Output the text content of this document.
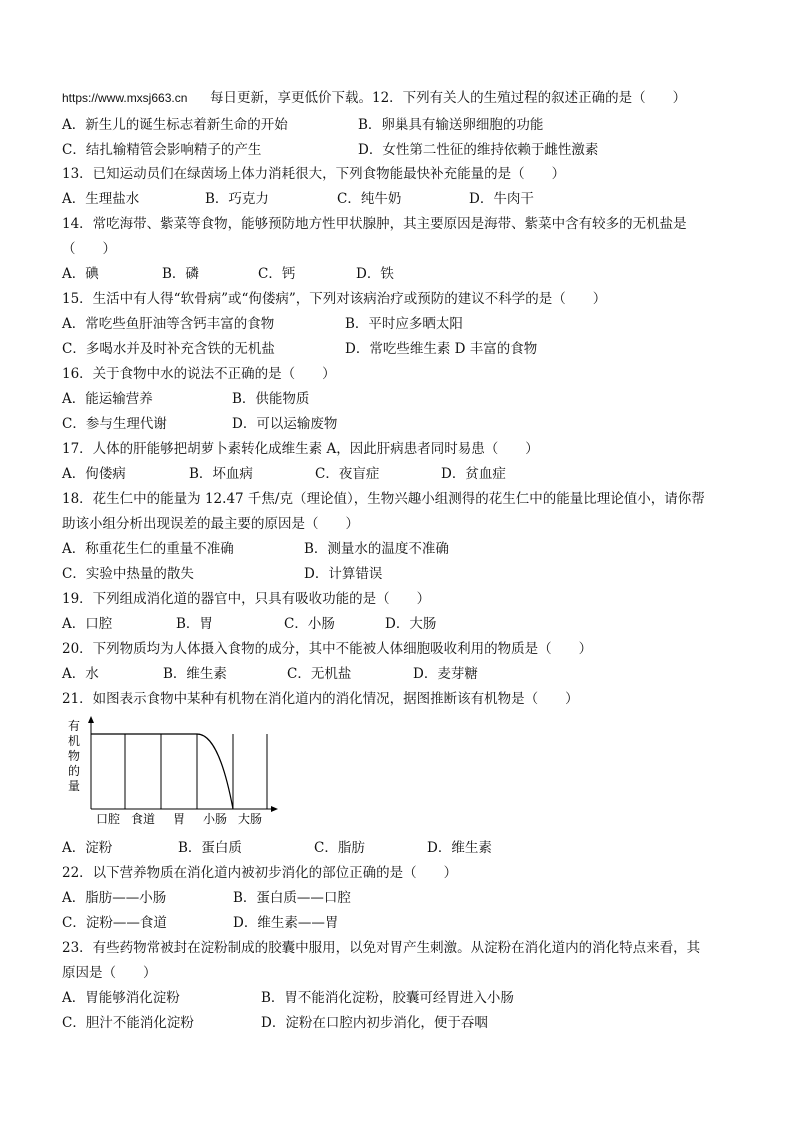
https://www.mxsj663.cn 每日更新，享更低价下载。12．下列有关人的生殖过程的叙述正确的是（　　）
A．新生儿的诞生标志着新生命的开始	B．卵巢具有输送卵细胞的功能
C．结扎输精管会影响精子的产生	D．女性第二性征的维持依赖于雌性激素
13．已知运动员们在绿茵场上体力消耗很大，下列食物能最快补充能量的是（　　）
A．生理盐水	B．巧克力	C．纯牛奶	D．牛肉干
14．常吃海带、紫菜等食物，能够预防地方性甲状腺肿，其主要原因是海带、紫菜中含有较多的无机盐是
（　　）
A．碘	B．磷	C．钙	D．铁
15．生活中有人得“软骨病”或“佝偻病”，下列对该病治疗或预防的建议不科学的是（　　）
A．常吃些鱼肝油等含钙丰富的食物	B．平时应多晒太阳
C．多喝水并及时补充含铁的无机盐	D．常吃些维生素 D 丰富的食物
16．关于食物中水的说法不正确的是（　　）
A．能运输营养	B．供能物质
C．参与生理代谢	D．可以运输废物
17．人体的肝能够把胡萝卜素转化成维生素 A，因此肝病患者同时易患（　　）
A．佝偻病	B．坏血病	C．夜盲症	D．贫血症
18．花生仁中的能量为 12.47 千焦/克（理论值），生物兴趣小组测得的花生仁中的能量比理论值小，请你帮
助该小组分析出现误差的最主要的原因是（　　）
A．称重花生仁的重量不准确	B．测量水的温度不准确
C．实验中热量的散失	D．计算错误
19．下列组成消化道的器官中，只具有吸收功能的是（　　）
A．口腔	B．胃	C．小肠	D．大肠
20．下列物质均为人体摄入食物的成分，其中不能被人体细胞吸收利用的物质是（　　）
A．水	B．维生素	C．无机盐	D．麦芽糖
21．如图表示食物中某种有机物在消化道内的消化情况，据图推断该有机物是（　　）
有
机
物
的
量
口腔 食道 胃 小肠 大肠
A．淀粉	B．蛋白质	C．脂肪	D．维生素
22．以下营养物质在消化道内被初步消化的部位正确的是（　　）
A．脂肪——小肠	B．蛋白质——口腔
C．淀粉——食道	D．维生素——胃
23．有些药物常被封在淀粉制成的胶囊中服用，以免对胃产生刺激。从淀粉在消化道内的消化特点来看，其
原因是（　　）
A．胃能够消化淀粉	B．胃不能消化淀粉，胶囊可经胃进入小肠
C．胆汁不能消化淀粉	D．淀粉在口腔内初步消化，便于吞咽
